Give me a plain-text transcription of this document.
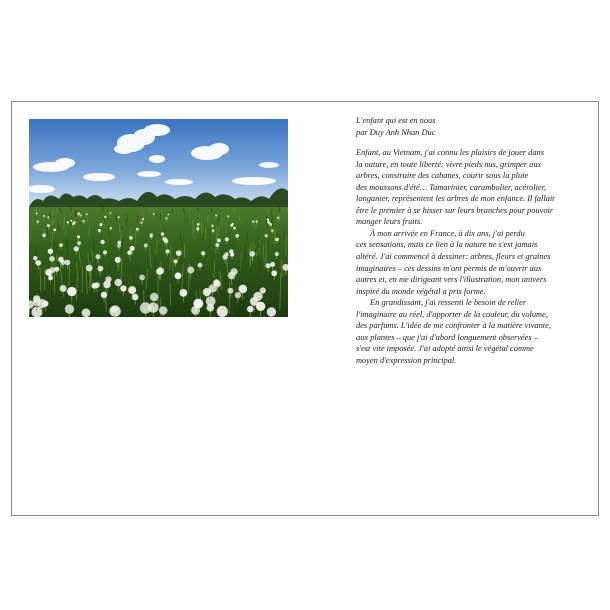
L'enfant qui est en nous
par Duy Anh Nhan Duc

Enfant, au Vietnam, j'ai connu les plaisirs de jouer dans
la nature, en toute liberté: vivre pieds nus, grimper aux
arbres, construire des cabanes, courir sous la pluie
des moussons d'été… Tamarinier, carambolier, acérolier,
longanier, représentent les arbres de mon enfance. Il fallait
être le premier à se hisser sur leurs branches pour pouvoir
manger leurs fruits.

À mon arrivée en France, à dix ans, j'ai perdu
ces sensations, mais ce lien à la nature ne s'est jamais
altéré. J'ai commencé à dessiner: arbres, fleurs et graines
imaginaires – ces dessins m'ont permis de m'ouvrir aux
autres et, en me dirigeant vers l'illustration, mon univers
inspiré du monde végétal a pris forme.

En grandissant, j'ai ressenti le besoin de relier
l'imaginaire au réel, d'apporter de la couleur, du volume,
des parfums. L'idée de me confronter à la matière vivante,
aux plantes – que j'ai d'abord longuement observées –
s'est vite imposée. J'ai adopté ainsi le végétal comme
moyen d'expression principal.
